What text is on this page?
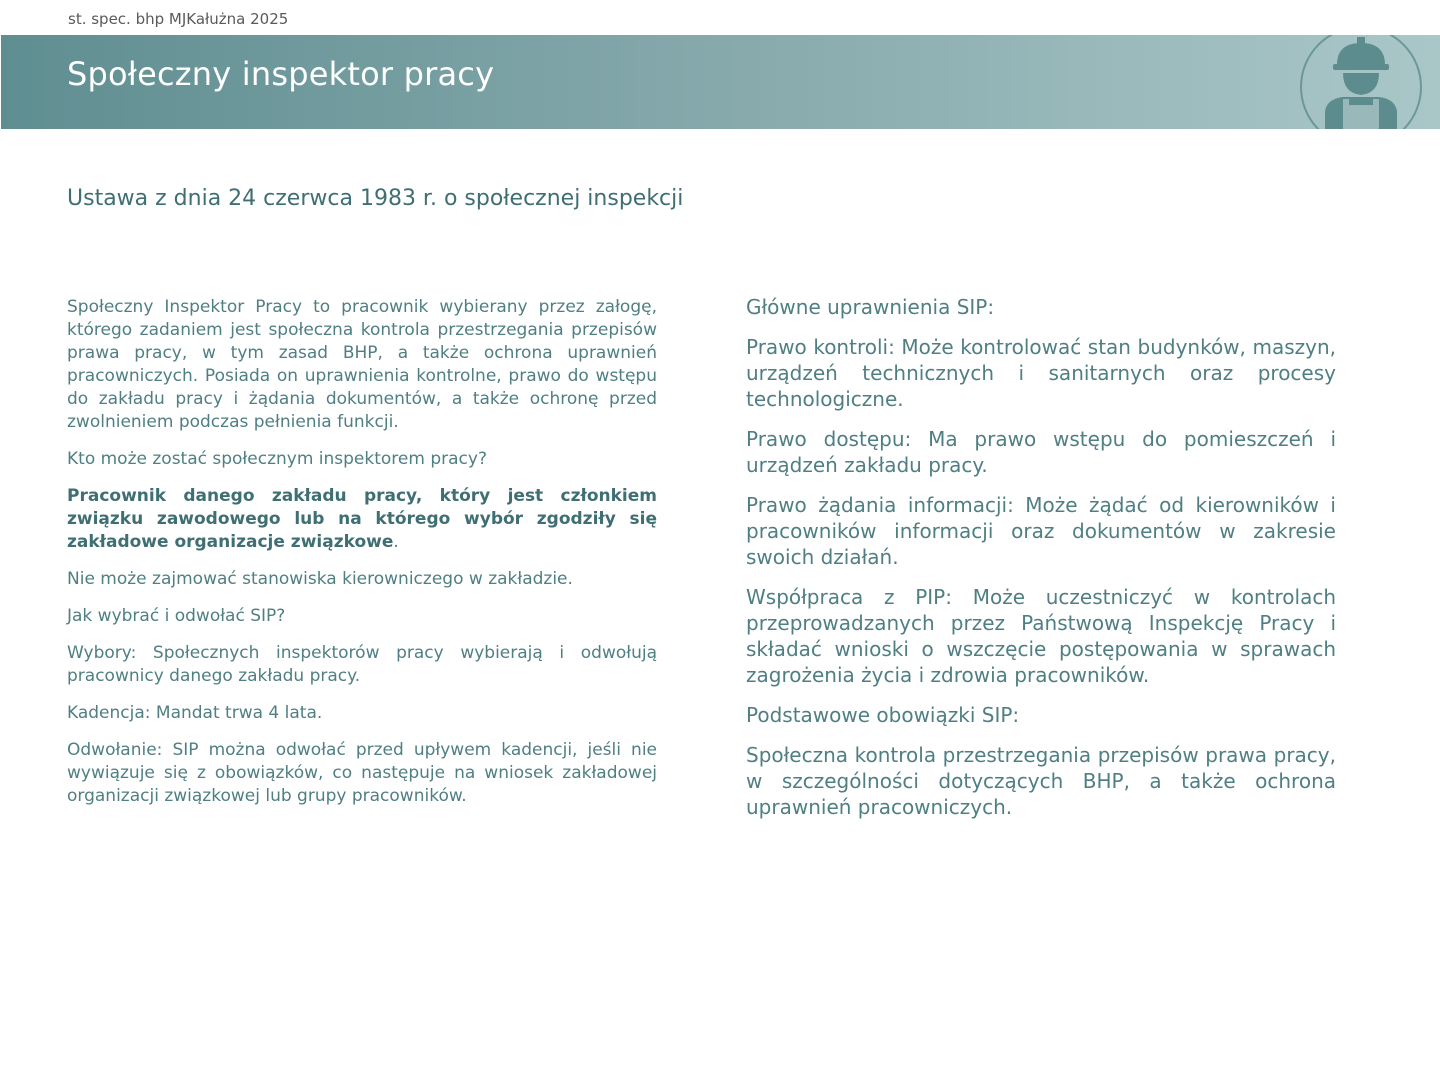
st. spec. bhp MJKałużna 2025
Społeczny inspektor pracy
Ustawa z dnia 24 czerwca 1983 r. o społecznej inspekcji

Społeczny Inspektor Pracy to pracownik wybierany przez załogę, którego zadaniem jest społeczna kontrola przestrzegania przepisów prawa pracy, w tym zasad BHP, a także ochrona uprawnień pracowniczych. Posiada on uprawnienia kontrolne, prawo do wstępu do zakładu pracy i żądania dokumentów, a także ochronę przed zwolnieniem podczas pełnienia funkcji.

Kto może zostać społecznym inspektorem pracy?

Pracownik danego zakładu pracy, który jest członkiem związku zawodowego lub na którego wybór zgodziły się zakładowe organizacje związkowe.

Nie może zajmować stanowiska kierowniczego w zakładzie.

Jak wybrać i odwołać SIP?

Wybory: Społecznych inspektorów pracy wybierają i odwołują pracownicy danego zakładu pracy.

Kadencja: Mandat trwa 4 lata.

Odwołanie: SIP można odwołać przed upływem kadencji, jeśli nie wywiązuje się z obowiązków, co następuje na wniosek zakładowej organizacji związkowej lub grupy pracowników.

Główne uprawnienia SIP:

Prawo kontroli: Może kontrolować stan budynków, maszyn, urządzeń technicznych i sanitarnych oraz procesy technologiczne.

Prawo dostępu: Ma prawo wstępu do pomieszczeń i urządzeń zakładu pracy.

Prawo żądania informacji: Może żądać od kierowników i pracowników informacji oraz dokumentów w zakresie swoich działań.

Współpraca z PIP: Może uczestniczyć w kontrolach przeprowadzanych przez Państwową Inspekcję Pracy i składać wnioski o wszczęcie postępowania w sprawach zagrożenia życia i zdrowia pracowników.

Podstawowe obowiązki SIP:

Społeczna kontrola przestrzegania przepisów prawa pracy, w szczególności dotyczących BHP, a także ochrona uprawnień pracowniczych.
